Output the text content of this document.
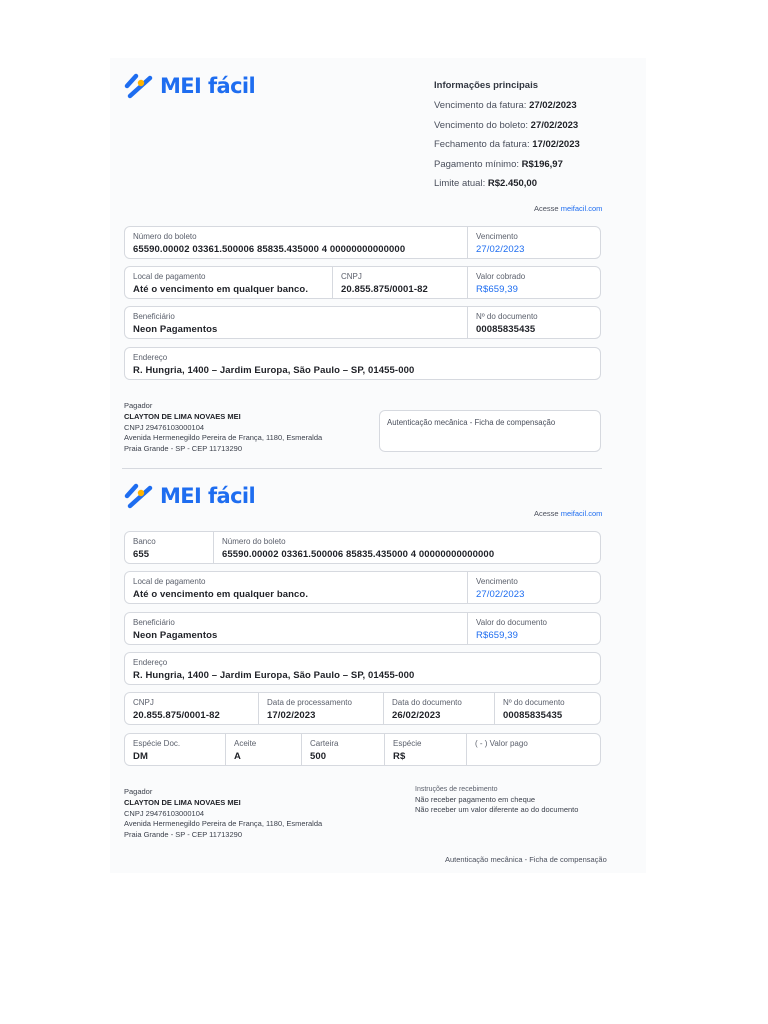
MEI fácil	Informações principais
Vencimento da fatura: 27/02/2023
Vencimento do boleto: 27/02/2023
Fechamento da fatura: 17/02/2023
Pagamento mínimo: R$196,97
Limite atual: R$2.450,00
Acesse meifacil.com
Número do boleto
65590.00002 03361.500006 85835.435000 4 00000000000000
Vencimento
27/02/2023
Local de pagamento
Até o vencimento em qualquer banco.
CNPJ
20.855.875/0001-82
Valor cobrado
R$659,39
Beneficiário
Neon Pagamentos
Nº do documento
00085835435
Endereço
R. Hungria, 1400 – Jardim Europa, São Paulo – SP, 01455-000
Pagador
CLAYTON DE LIMA NOVAES MEI
CNPJ 29476103000104
Avenida Hermenegildo Pereira de França, 1180, Esmeralda
Praia Grande - SP - CEP 11713290
Autenticação mecânica - Ficha de compensação
MEI fácil
Acesse meifacil.com
Banco
655
Número do boleto
65590.00002 03361.500006 85835.435000 4 00000000000000
Local de pagamento
Até o vencimento em qualquer banco.
Vencimento
27/02/2023
Beneficiário
Neon Pagamentos
Valor do documento
R$659,39
Endereço
R. Hungria, 1400 – Jardim Europa, São Paulo – SP, 01455-000
CNPJ
20.855.875/0001-82
Data de processamento
17/02/2023
Data do documento
26/02/2023
Nº do documento
00085835435
Espécie Doc.
DM
Aceite
A
Carteira
500
Espécie
R$
( - ) Valor pago
Pagador
CLAYTON DE LIMA NOVAES MEI
CNPJ 29476103000104
Avenida Hermenegildo Pereira de França, 1180, Esmeralda
Praia Grande - SP - CEP 11713290
Instruções de recebimento
Não receber pagamento em cheque
Não receber um valor diferente ao do documento
Autenticação mecânica - Ficha de compensação
